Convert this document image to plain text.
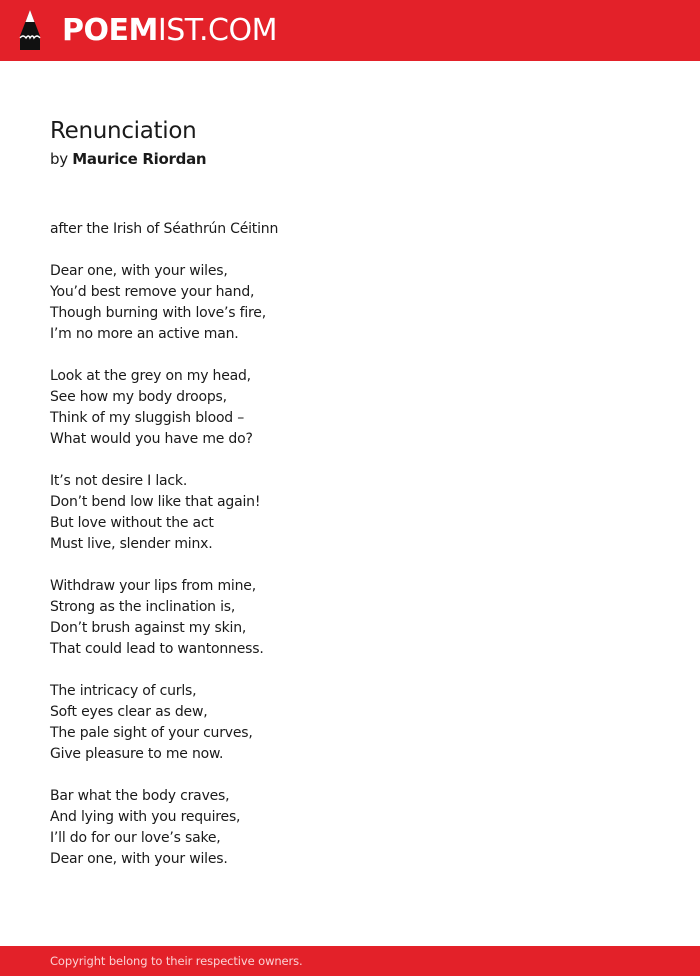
POEMIST.COM
Renunciation
by Maurice Riordan
after the Irish of Séathrún Céitinn
Dear one, with your wiles,
You’d best remove your hand,
Though burning with love’s fire,
I’m no more an active man.
Look at the grey on my head,
See how my body droops,
Think of my sluggish blood –
What would you have me do?
It’s not desire I lack.
Don’t bend low like that again!
But love without the act
Must live, slender minx.
Withdraw your lips from mine,
Strong as the inclination is,
Don’t brush against my skin,
That could lead to wantonness.
The intricacy of curls,
Soft eyes clear as dew,
The pale sight of your curves,
Give pleasure to me now.
Bar what the body craves,
And lying with you requires,
I’ll do for our love’s sake,
Dear one, with your wiles.
Copyright belong to their respective owners.
